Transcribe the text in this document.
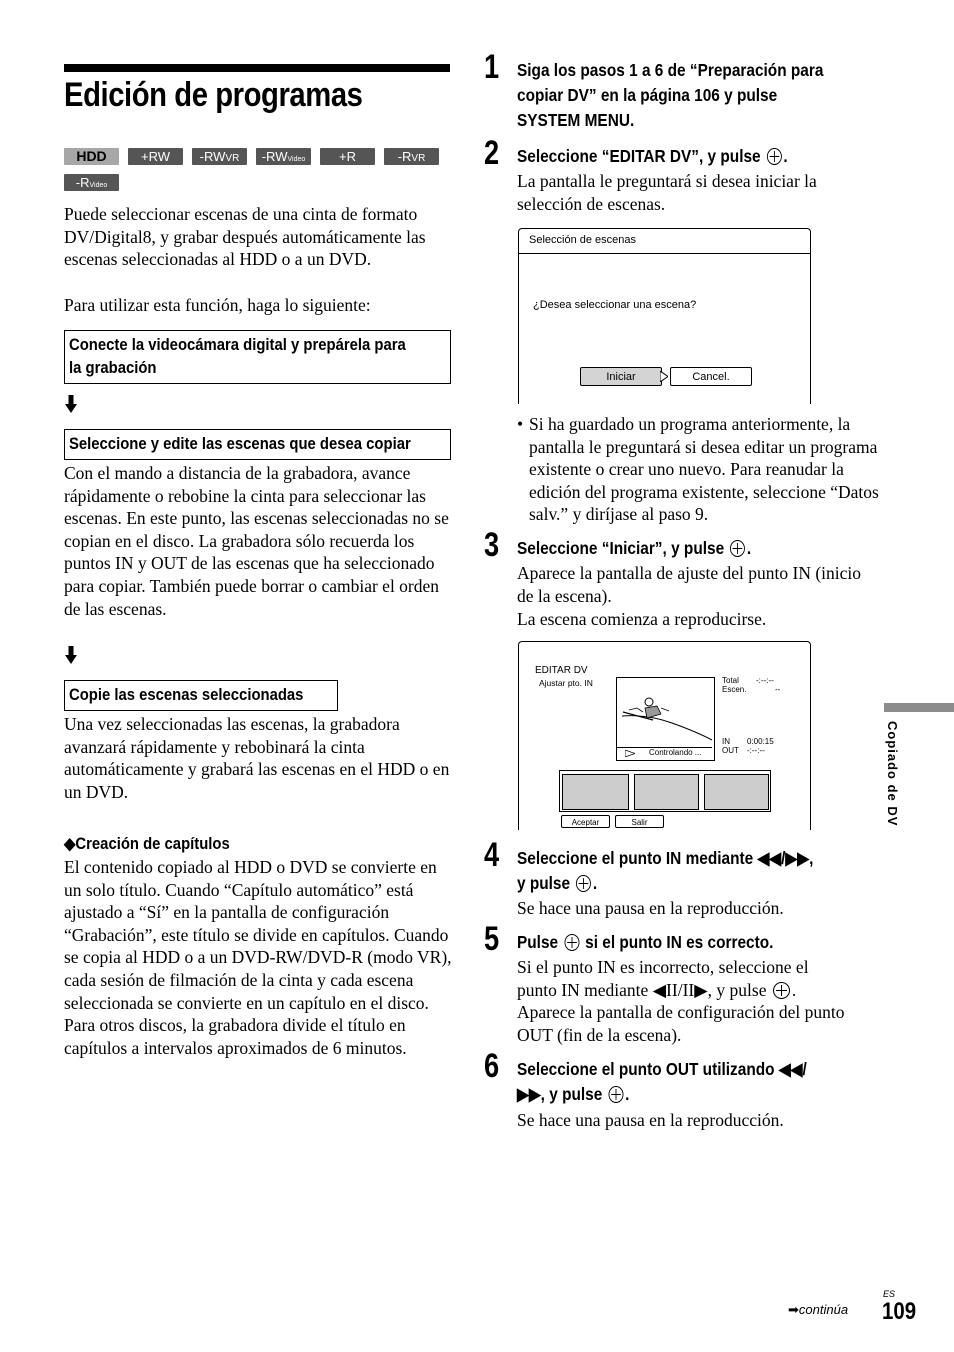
Edición de programas
HDD	+RW	-RWVR	-RWVideo	+R	-RVR
-RVideo
Puede seleccionar escenas de una cinta de formato DV/Digital8, y grabar después automáticamente las escenas seleccionadas al HDD o a un DVD.
Para utilizar esta función, haga lo siguiente:
Conecte la videocámara digital y prepárela para
la grabación
Seleccione y edite las escenas que desea copiar
Con el mando a distancia de la grabadora, avance rápidamente o rebobine la cinta para seleccionar las escenas. En este punto, las escenas seleccionadas no se copian en el disco. La grabadora sólo recuerda los puntos IN y OUT de las escenas que ha seleccionado para copiar. También puede borrar o cambiar el orden de las escenas.
Copie las escenas seleccionadas
Una vez seleccionadas las escenas, la grabadora avanzará rápidamente y rebobinará la cinta automáticamente y grabará las escenas en el HDD o en un DVD.
◆Creación de capítulos
El contenido copiado al HDD o DVD se convierte en un solo título. Cuando “Capítulo automático” está ajustado a “Sí” en la pantalla de configuración “Grabación”, este título se divide en capítulos. Cuando se copia al HDD o a un DVD-RW/DVD-R (modo VR), cada sesión de filmación de la cinta y cada escena seleccionada se convierte en un capítulo en el disco. Para otros discos, la grabadora divide el título en capítulos a intervalos aproximados de 6 minutos.
1 Siga los pasos 1 a 6 de “Preparación para
copiar DV” en la página 106 y pulse
SYSTEM MENU.
2 Seleccione “EDITAR DV”, y pulse .
La pantalla le preguntará si desea iniciar la selección de escenas.
Selección de escenas
¿Desea seleccionar una escena?
Iniciar	Cancel.
• Si ha guardado un programa anteriormente, la pantalla le preguntará si desea editar un programa existente o crear uno nuevo. Para reanudar la edición del programa existente, seleccione “Datos salv.” y diríjase al paso 9.
3 Seleccione “Iniciar”, y pulse .
Aparece la pantalla de ajuste del punto IN (inicio de la escena).
La escena comienza a reproducirse.
EDITAR DV
Ajustar pto. IN
Controlando ...
Total -:--:--
Escen.	--
IN 0:00:15
OUT -:--:--
Aceptar	Salir
4 Seleccione el punto IN mediante ◀◀/▶▶,
y pulse .
Se hace una pausa en la reproducción.
5 Pulse si el punto IN es correcto.
Si el punto IN es incorrecto, seleccione el
punto IN mediante ◀II/II▶, y pulse .
Aparece la pantalla de configuración del punto OUT (fin de la escena).
6 Seleccione el punto OUT utilizando ◀◀/
▶▶, y pulse .
Se hace una pausa en la reproducción.
Copiado de DV
➡continúa
ES
109
